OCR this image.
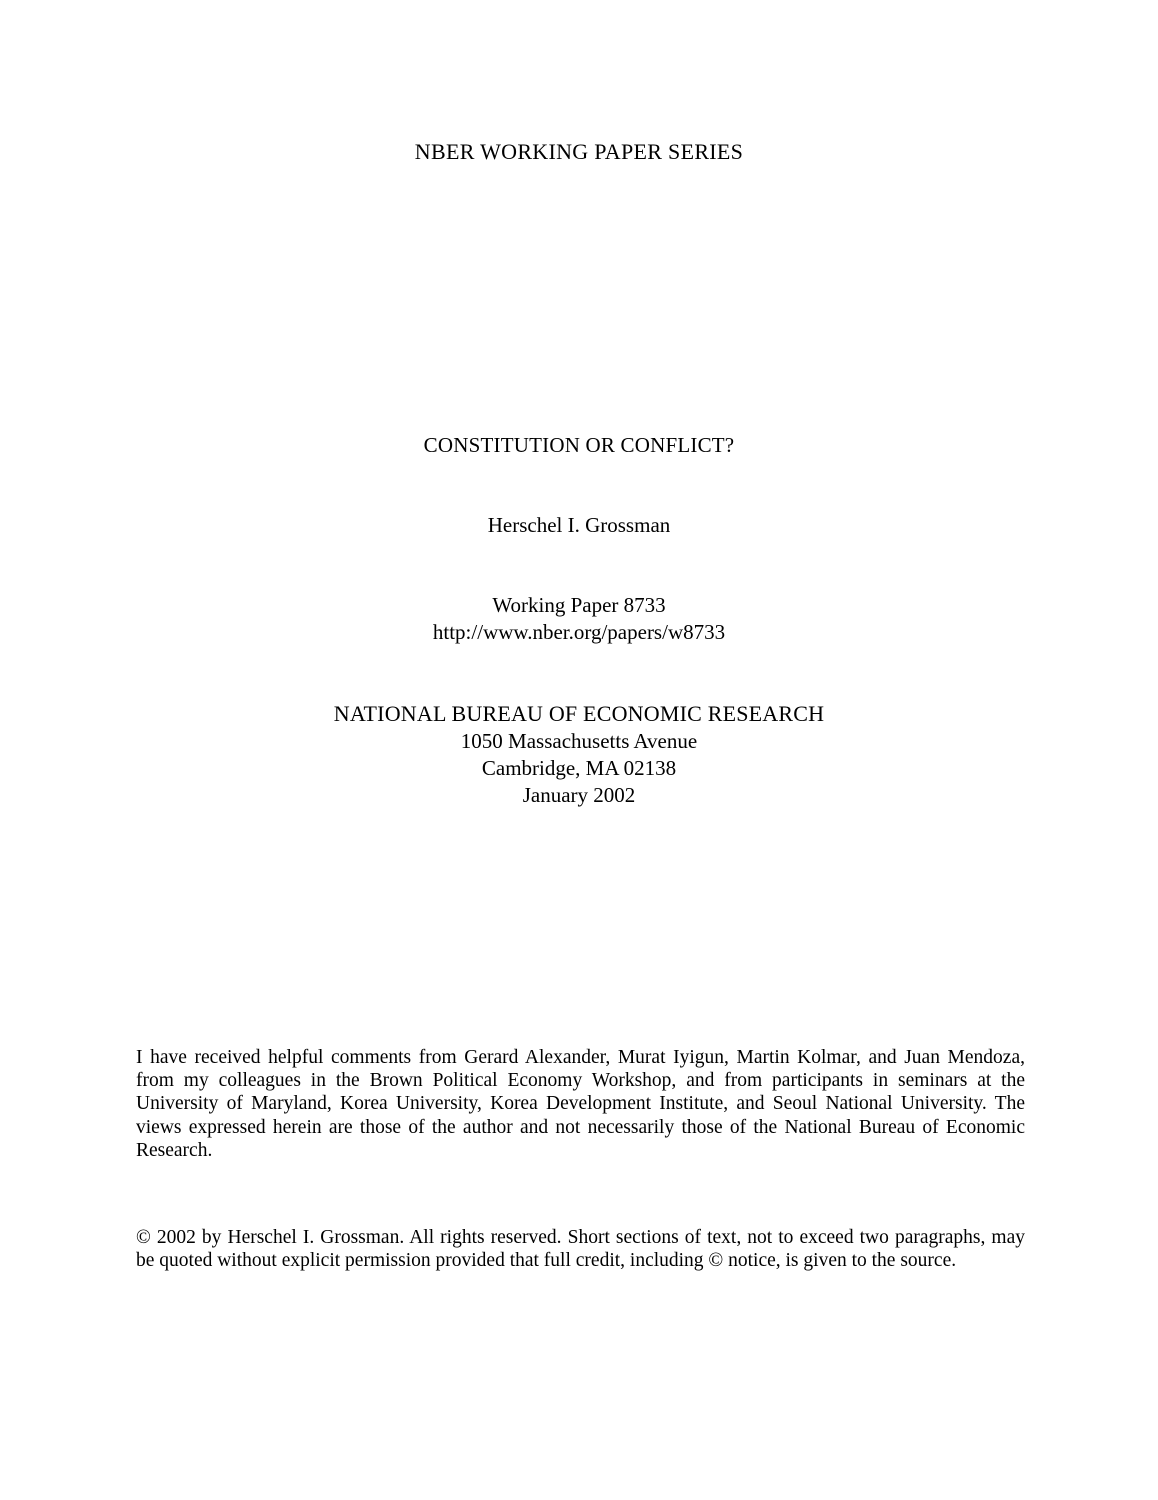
NBER WORKING PAPER SERIES
CONSTITUTION OR CONFLICT?
Herschel I. Grossman
Working Paper 8733
http://www.nber.org/papers/w8733
NATIONAL BUREAU OF ECONOMIC RESEARCH
1050 Massachusetts Avenue
Cambridge, MA 02138
January 2002

I have received helpful comments from Gerard Alexander, Murat Iyigun, Martin Kolmar, and Juan Mendoza, from my colleagues in the Brown Political Economy Workshop, and from participants in seminars at the University of Maryland, Korea University, Korea Development Institute, and Seoul National University. The views expressed herein are those of the author and not necessarily those of the National Bureau of Economic Research.

© 2002 by Herschel I. Grossman. All rights reserved. Short sections of text, not to exceed two paragraphs, may be quoted without explicit permission provided that full credit, including © notice, is given to the source.
